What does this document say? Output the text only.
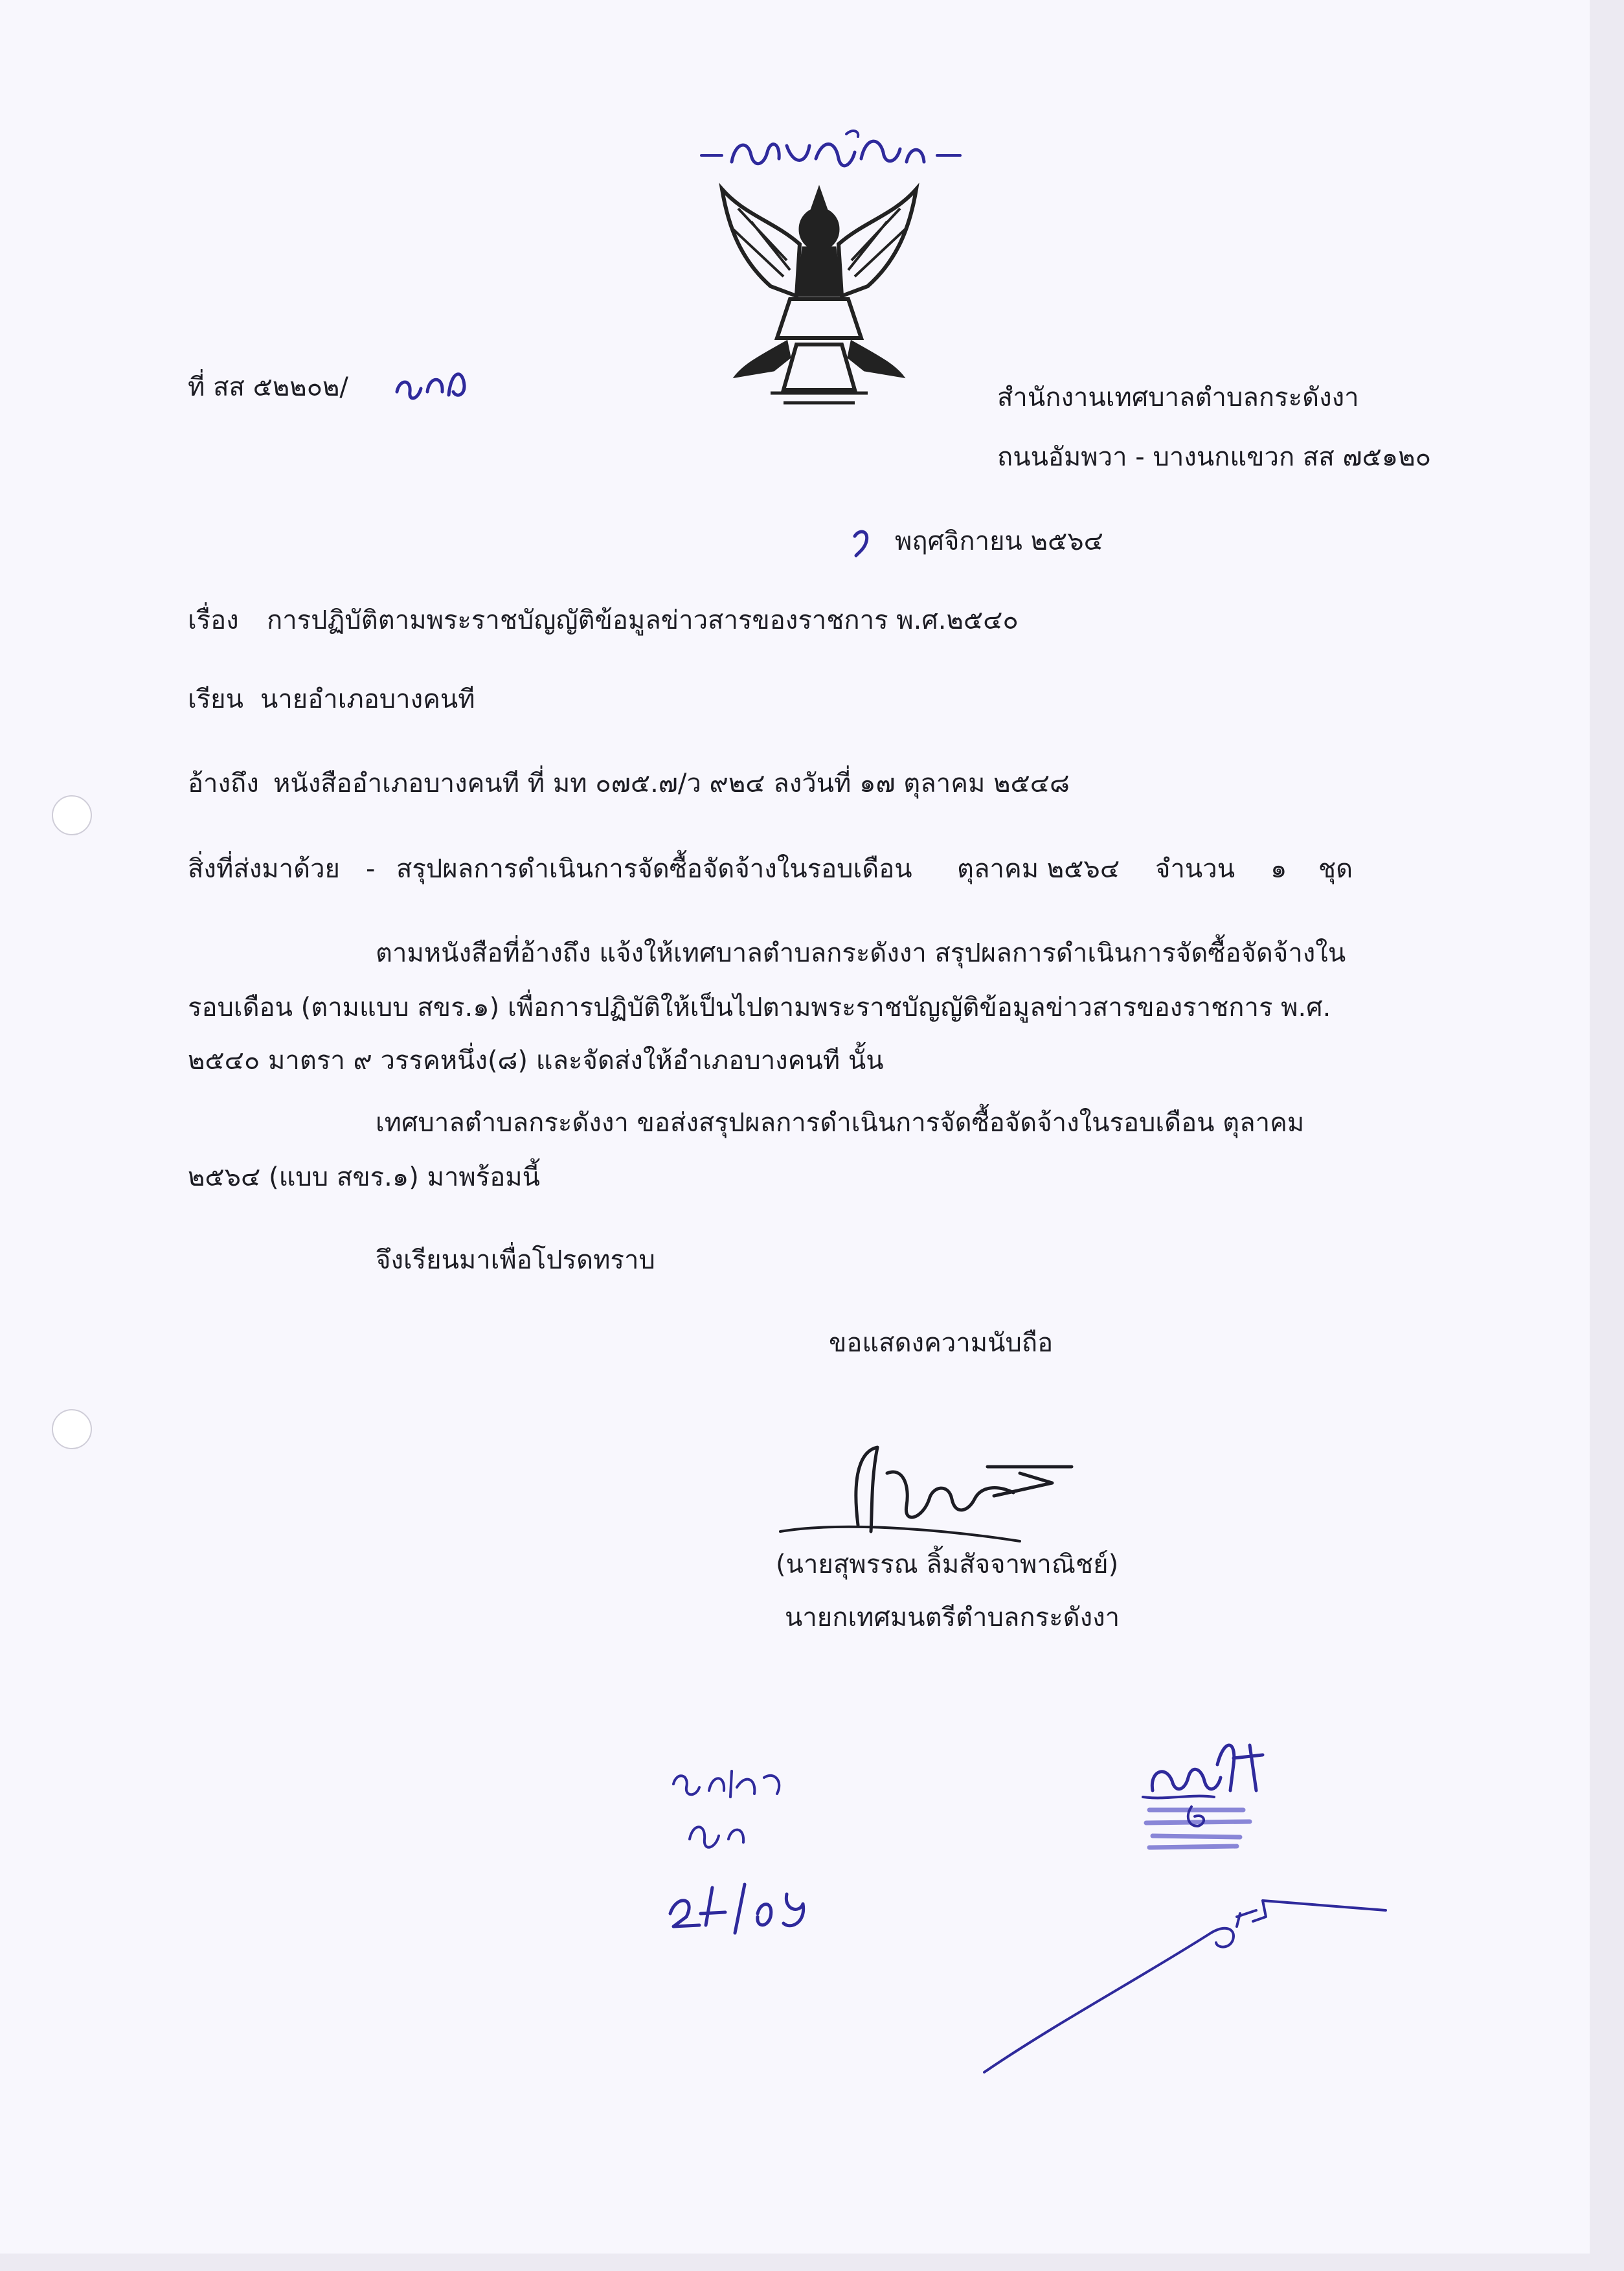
ที่ สส ๕๒๒๐๒/	สำนักงานเทศบาลตำบลกระดังงา
ถนนอัมพวา - บางนกแขวก สส ๗๕๑๒๐
พฤศจิกายน ๒๕๖๔
เรื่อง การปฏิบัติตามพระราชบัญญัติข้อมูลข่าวสารของราชการ พ.ศ.๒๕๔๐
เรียน นายอำเภอบางคนที
อ้างถึง หนังสืออำเภอบางคนที ที่ มท ๐๗๕.๗/ว ๙๒๔ ลงวันที่ ๑๗ ตุลาคม ๒๕๔๘
สิ่งที่ส่งมาด้วย - สรุปผลการดำเนินการจัดซื้อจัดจ้างในรอบเดือน ตุลาคม ๒๕๖๔ จำนวน ๑ ชุด
ตามหนังสือที่อ้างถึง แจ้งให้เทศบาลตำบลกระดังงา สรุปผลการดำเนินการจัดซื้อจัดจ้างใน
รอบเดือน (ตามแบบ สขร.๑) เพื่อการปฏิบัติให้เป็นไปตามพระราชบัญญัติข้อมูลข่าวสารของราชการ พ.ศ.
๒๕๔๐ มาตรา ๙ วรรคหนึ่ง(๘) และจัดส่งให้อำเภอบางคนที นั้น
เทศบาลตำบลกระดังงา ขอส่งสรุปผลการดำเนินการจัดซื้อจัดจ้างในรอบเดือน ตุลาคม
๒๕๖๔ (แบบ สขร.๑) มาพร้อมนี้
จึงเรียนมาเพื่อโปรดทราบ
ขอแสดงความนับถือ
(นายสุพรรณ ลิ้มสัจจาพาณิชย์)
นายกเทศมนตรีตำบลกระดังงา
